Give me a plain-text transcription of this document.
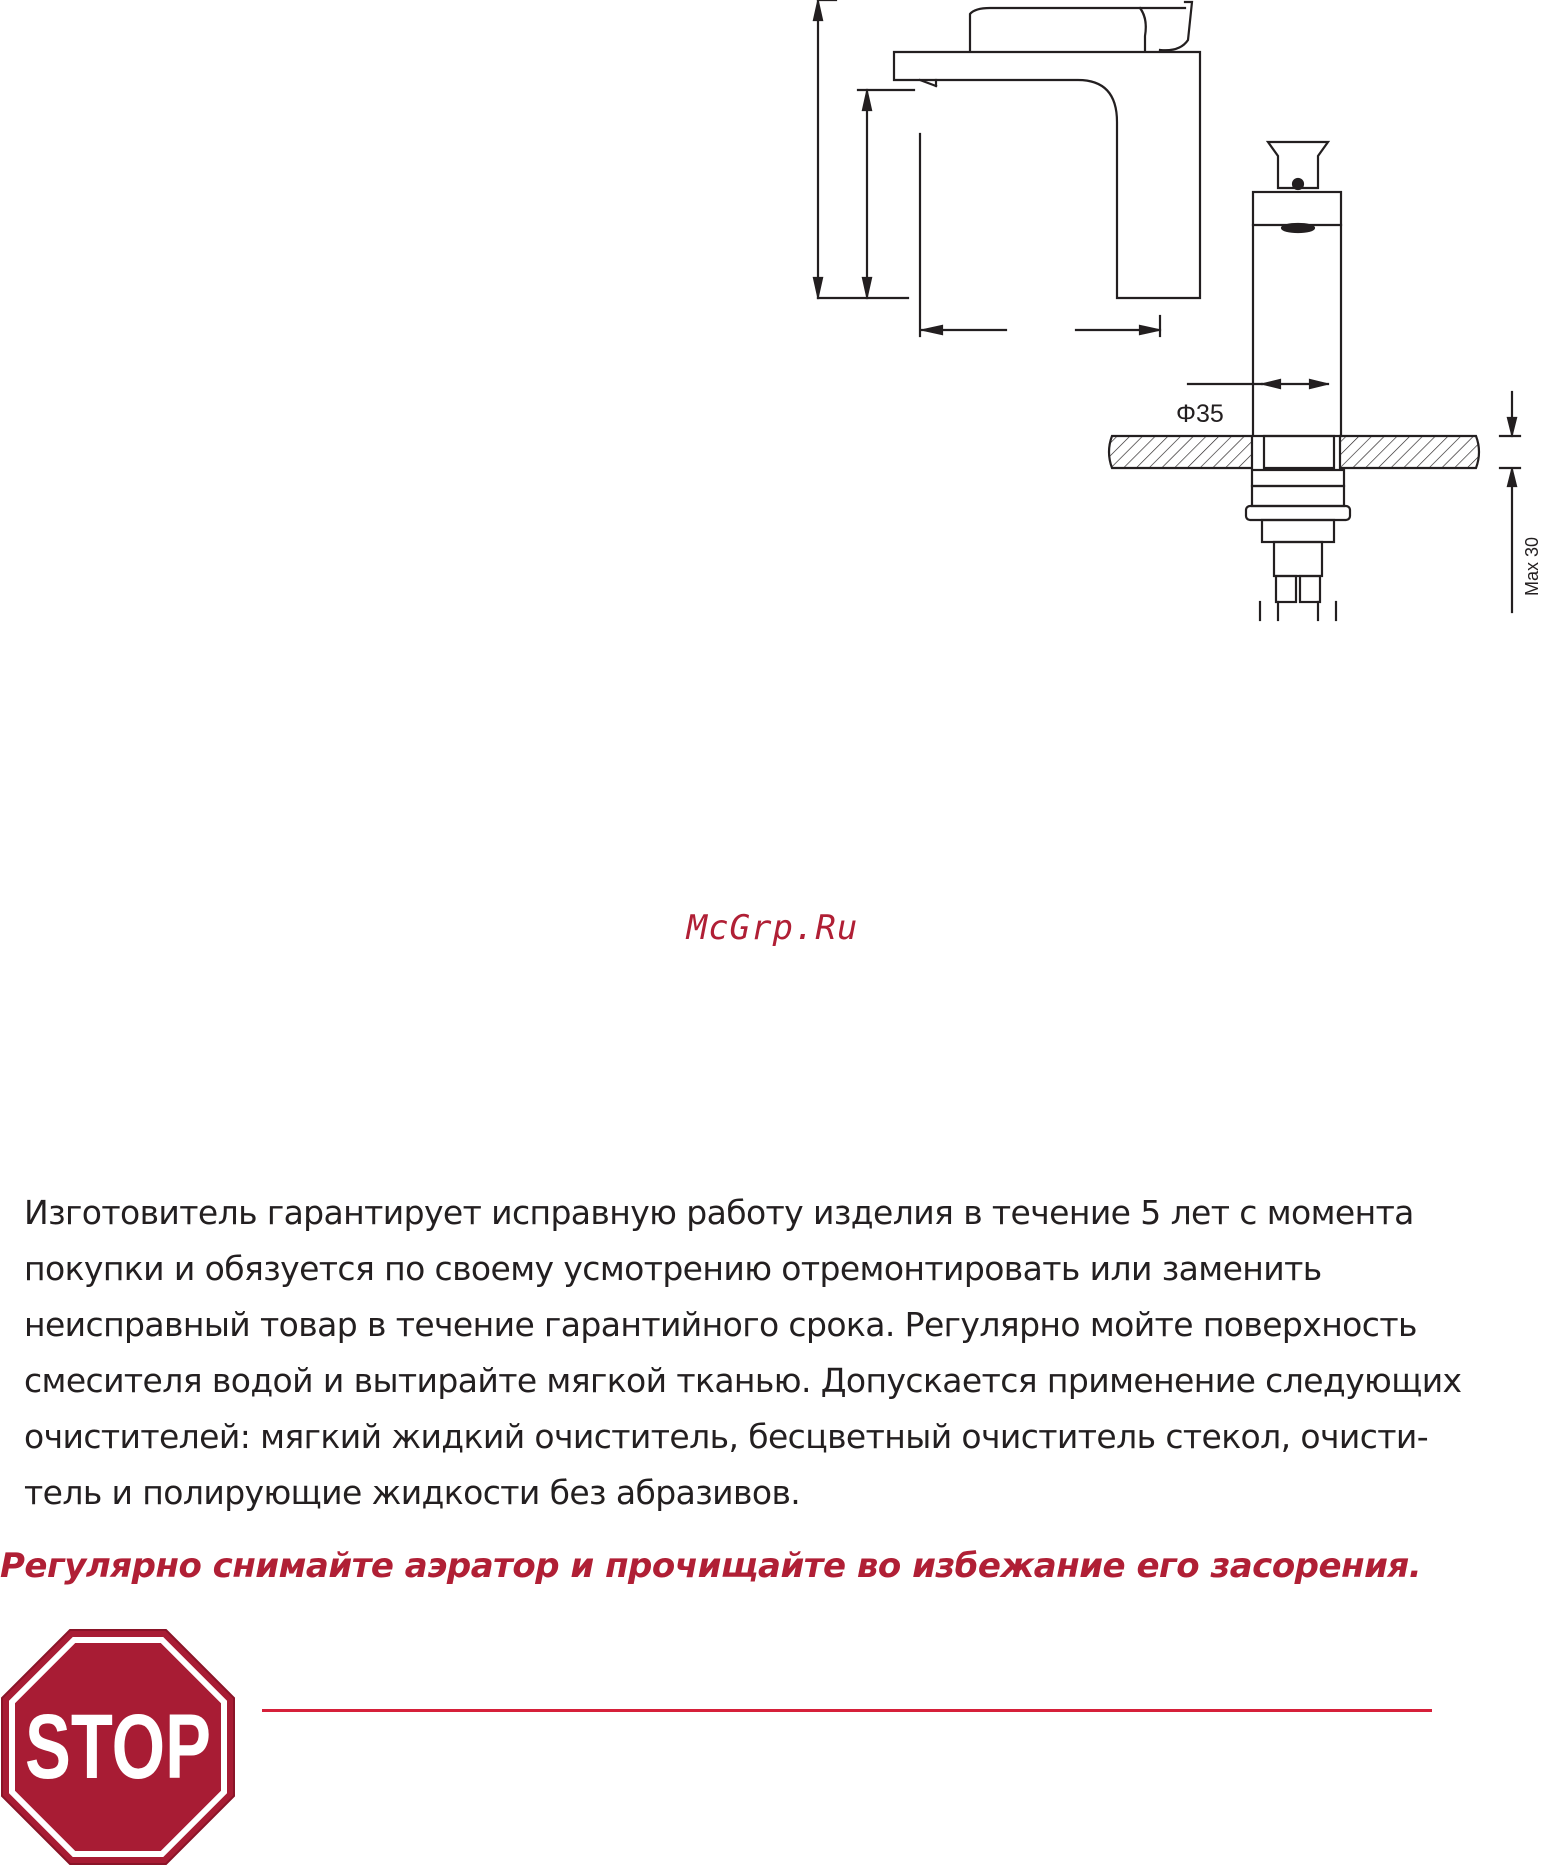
Φ35
Max 30
McGrp.Ru

Изготовитель гарантирует исправную работу изделия в течение 5 лет с момента
покупки и обязуется по своему усмотрению отремонтировать или заменить
неисправный товар в течение гарантийного срока. Регулярно мойте поверхность
смесителя водой и вытирайте мягкой тканью. Допускается применение следующих
очистителей: мягкий жидкий очиститель, бесцветный очиститель стекол, очисти-
тель и полирующие жидкости без абразивов.

Регулярно снимайте аэратор и прочищайте во избежание его засорения.
STOP
